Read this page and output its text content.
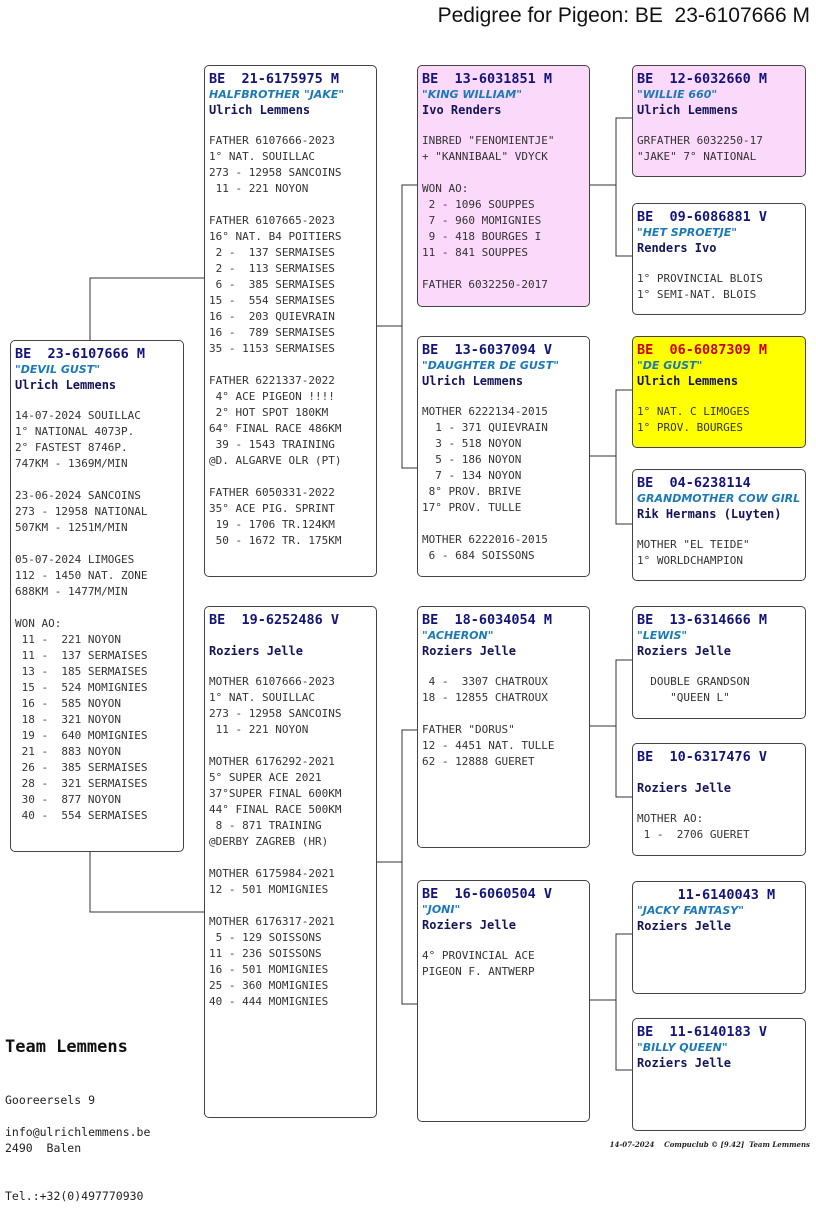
Pedigree for Pigeon: BE  23-6107666 M
BE  23-6107666 M
"DEVIL GUST"
Ulrich Lemmens
14-07-2024 SOUILLAC
1° NATIONAL 4073P.
2° FASTEST 8746P.
747KM - 1369M/MIN
23-06-2024 SANCOINS
273 - 12958 NATIONAL
507KM - 1251M/MIN
05-07-2024 LIMOGES
112 - 1450 NAT. ZONE
688KM - 1477M/MIN
WON AO:
11 -  221 NOYON
11 -  137 SERMAISES
13 -  185 SERMAISES
15 -  524 MOMIGNIES
16 -  585 NOYON
18 -  321 NOYON
19 -  640 MOMIGNIES
21 -  883 NOYON
26 -  385 SERMAISES
28 -  321 SERMAISES
30 -  877 NOYON
40 -  554 SERMAISES
BE  21-6175975 M
HALFBROTHER "JAKE"
Ulrich Lemmens
FATHER 6107666-2023
1° NAT. SOUILLAC
273 - 12958 SANCOINS
11 - 221 NOYON
FATHER 6107665-2023
16° NAT. B4 POITIERS
2 -  137 SERMAISES
2 -  113 SERMAISES
6 -  385 SERMAISES
15 -  554 SERMAISES
16 -  203 QUIEVRAIN
16 -  789 SERMAISES
35 - 1153 SERMAISES
FATHER 6221337-2022
4° ACE PIGEON !!!!
2° HOT SPOT 180KM
64° FINAL RACE 486KM
39 - 1543 TRAINING
@D. ALGARVE OLR (PT)
FATHER 6050331-2022
35° ACE PIG. SPRINT
19 - 1706 TR.124KM
50 - 1672 TR. 175KM
BE  19-6252486 V
Roziers Jelle
MOTHER 6107666-2023
1° NAT. SOUILLAC
273 - 12958 SANCOINS
11 - 221 NOYON
MOTHER 6176292-2021
5° SUPER ACE 2021
37°SUPER FINAL 600KM
44° FINAL RACE 500KM
8 - 871 TRAINING
@DERBY ZAGREB (HR)
MOTHER 6175984-2021
12 - 501 MOMIGNIES
MOTHER 6176317-2021
5 - 129 SOISSONS
11 - 236 SOISSONS
16 - 501 MOMIGNIES
25 - 360 MOMIGNIES
40 - 444 MOMIGNIES
BE  13-6031851 M
"KING WILLIAM"
Ivo Renders
INBRED "FENOMIENTJE"
+ "KANNIBAAL" VDYCK
WON AO:
2 - 1096 SOUPPES
7 - 960 MOMIGNIES
9 - 418 BOURGES I
11 - 841 SOUPPES
FATHER 6032250-2017
BE  13-6037094 V
"DAUGHTER DE GUST"
Ulrich Lemmens
MOTHER 6222134-2015
1 - 371 QUIEVRAIN
3 - 518 NOYON
5 - 186 NOYON
7 - 134 NOYON
8° PROV. BRIVE
17° PROV. TULLE
MOTHER 6222016-2015
6 - 684 SOISSONS
BE  18-6034054 M
"ACHERON"
Roziers Jelle
4 -  3307 CHATROUX
18 - 12855 CHATROUX
FATHER "DORUS"
12 - 4451 NAT. TULLE
62 - 12888 GUERET
BE  16-6060504 V
"JONI"
Roziers Jelle
4° PROVINCIAL ACE
PIGEON F. ANTWERP
BE  12-6032660 M
"WILLIE 660"
Ulrich Lemmens
GRFATHER 6032250-17
"JAKE" 7° NATIONAL
BE  09-6086881 V
"HET SPROETJE"
Renders Ivo
1° PROVINCIAL BLOIS
1° SEMI-NAT. BLOIS
BE  06-6087309 M
"DE GUST"
Ulrich Lemmens
1° NAT. C LIMOGES
1° PROV. BOURGES
BE  04-6238114
GRANDMOTHER COW GIRL
Rik Hermans (Luyten)
MOTHER "EL TEIDE"
1° WORLDCHAMPION
BE  13-6314666 M
"LEWIS"
Roziers Jelle
DOUBLE GRANDSON
"QUEEN L"
BE  10-6317476 V
Roziers Jelle
MOTHER AO:
1 -  2706 GUERET
11-6140043 M
"JACKY FANTASY"
Roziers Jelle
BE  11-6140183 V
"BILLY QUEEN"
Roziers Jelle
Team Lemmens

Gooreersels 9

2490  Balen

Tel.:+32(0)497770930

info@ulrichlemmens.be
14-07-2024    Compuclub © [9.42]  Team Lemmens
